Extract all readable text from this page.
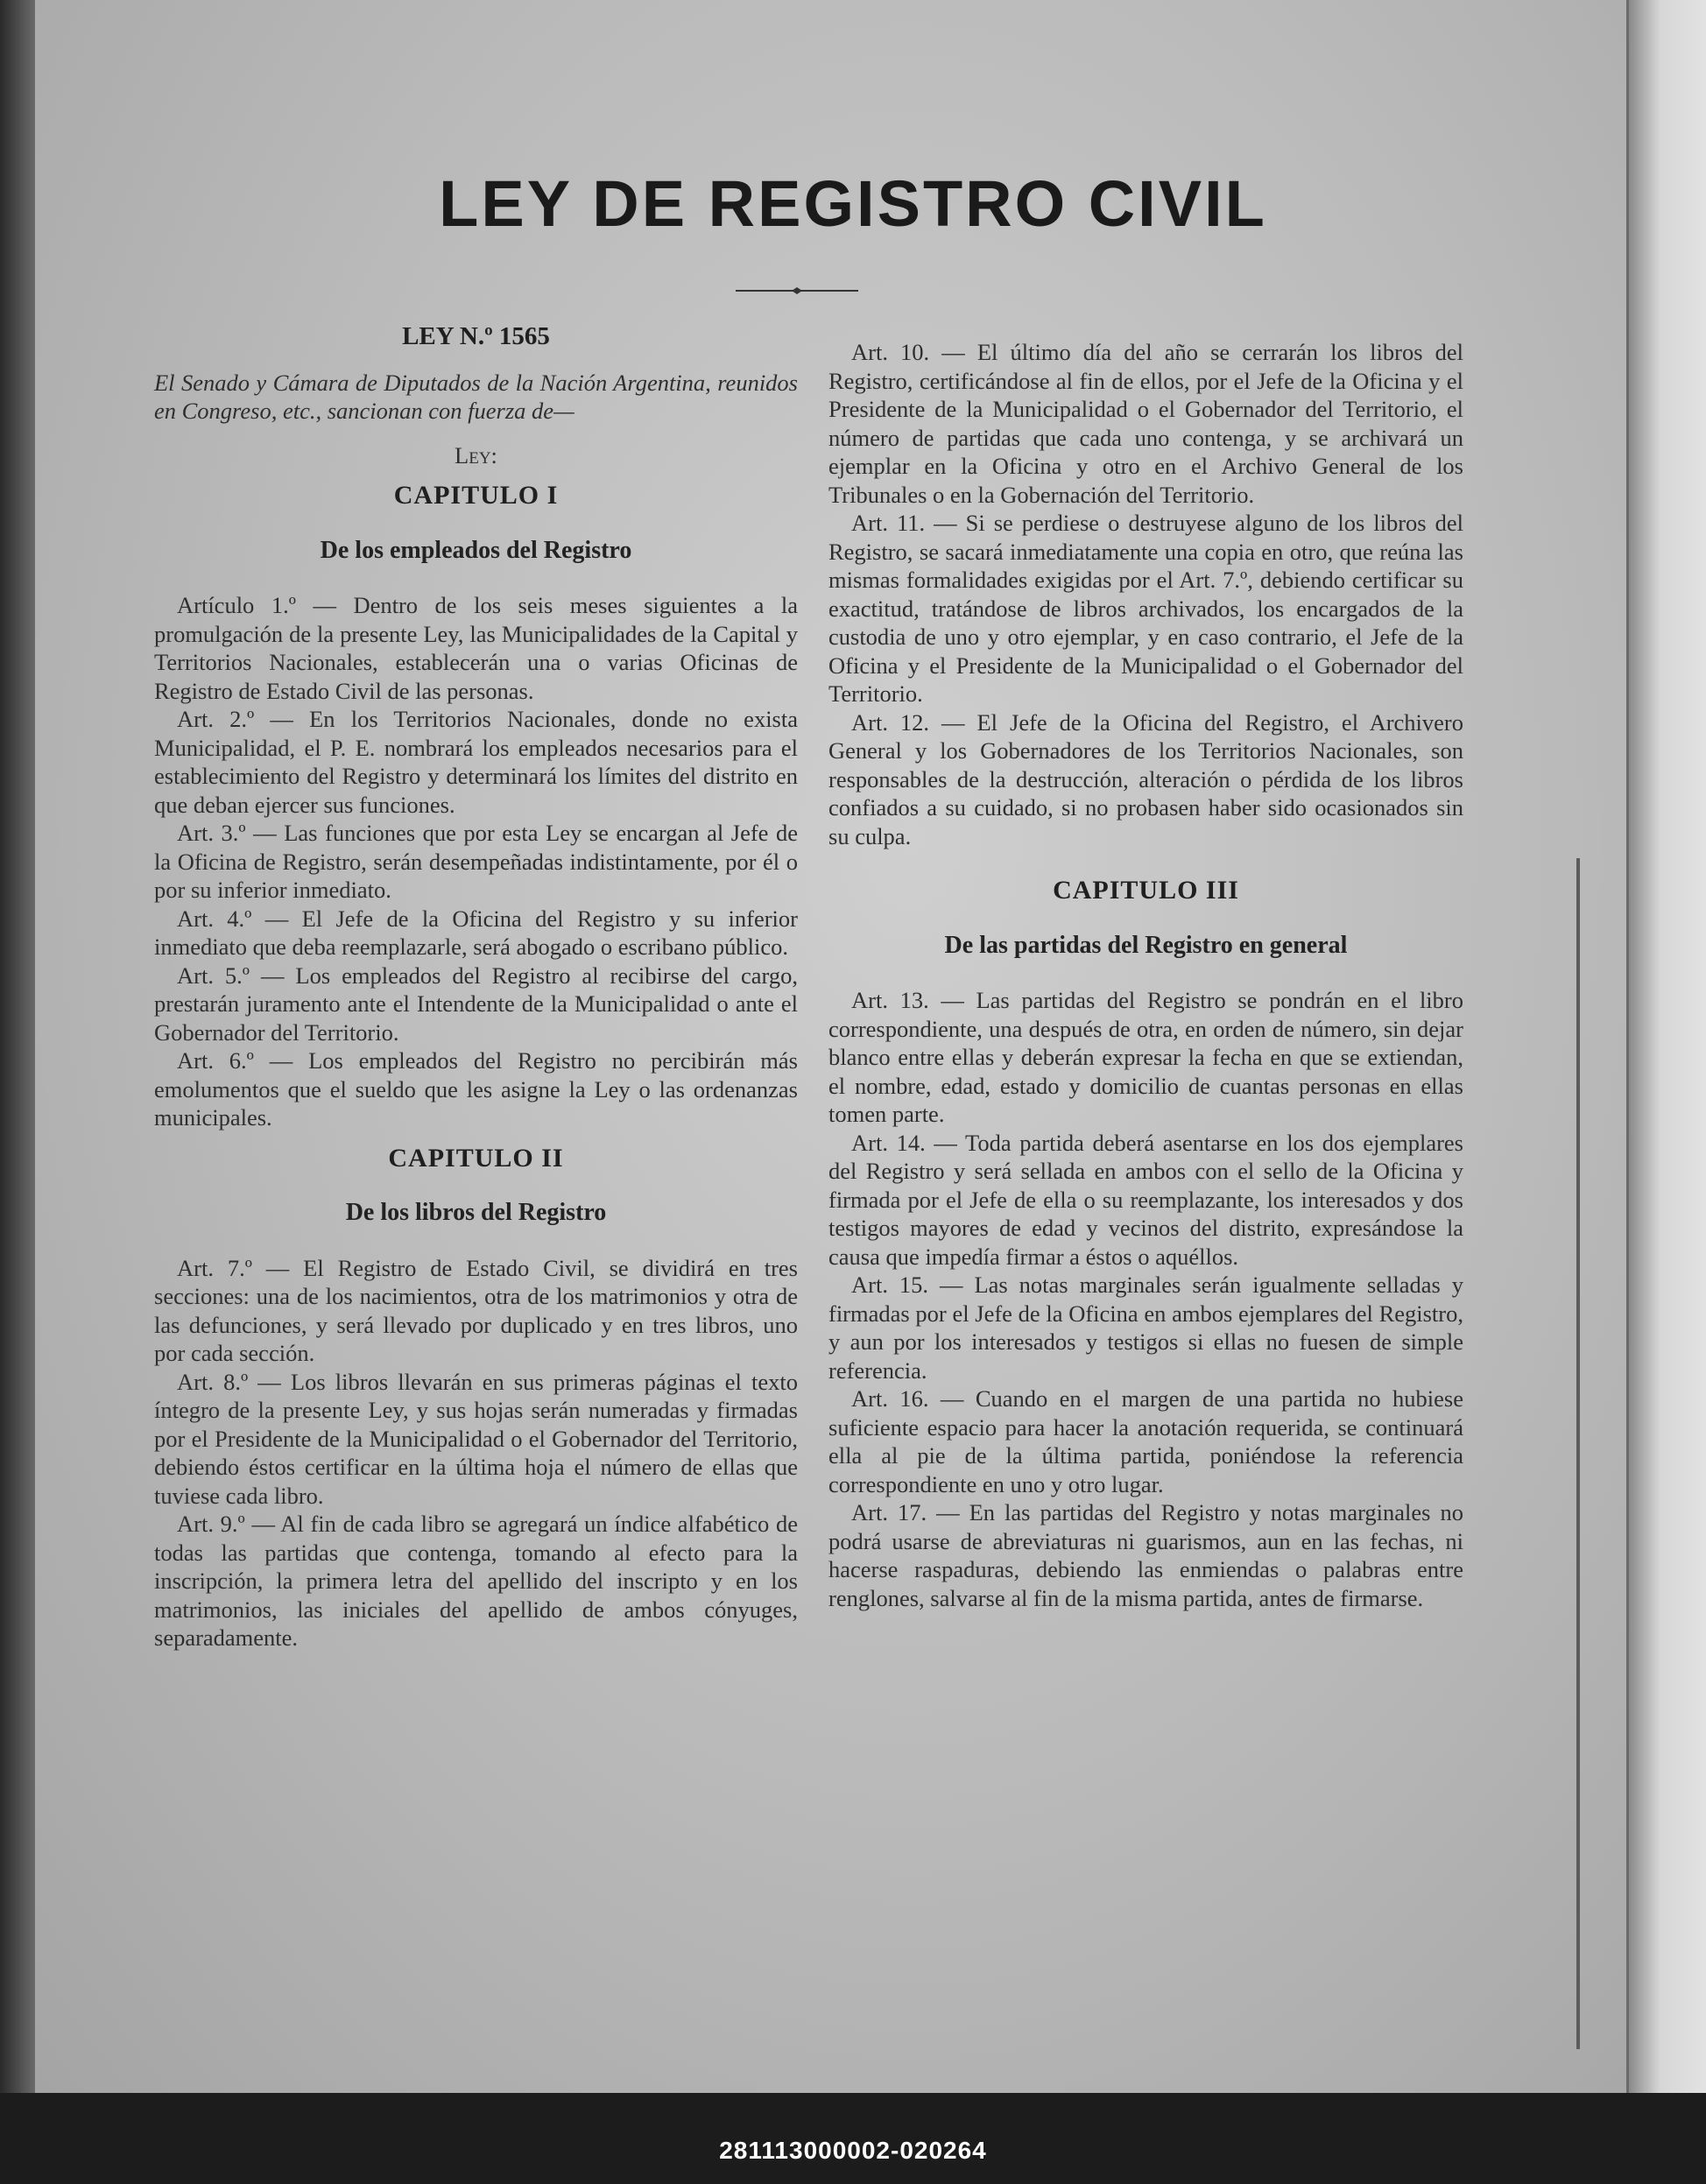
LEY DE REGISTRO CIVIL

LEY N.º 1565

El Senado y Cámara de Diputados de la Nación Argentina, reunidos en Congreso, etc., sancionan con fuerza de—

Ley:

CAPITULO I

De los empleados del Registro

Artículo 1.º — Dentro de los seis meses siguientes a la promulgación de la presente Ley, las Municipalidades de la Capital y Territorios Nacionales, establecerán una o varias Oficinas de Registro de Estado Civil de las personas.

Art. 2.º — En los Territorios Nacionales, donde no exista Municipalidad, el P. E. nombrará los empleados necesarios para el establecimiento del Registro y determinará los límites del distrito en que deban ejercer sus funciones.

Art. 3.º — Las funciones que por esta Ley se encargan al Jefe de la Oficina de Registro, serán desempeñadas indistintamente, por él o por su inferior inmediato.

Art. 4.º — El Jefe de la Oficina del Registro y su inferior inmediato que deba reemplazarle, será abogado o escribano público.

Art. 5.º — Los empleados del Registro al recibirse del cargo, prestarán juramento ante el Intendente de la Municipalidad o ante el Gobernador del Territorio.

Art. 6.º — Los empleados del Registro no percibirán más emolumentos que el sueldo que les asigne la Ley o las ordenanzas municipales.

CAPITULO II

De los libros del Registro

Art. 7.º — El Registro de Estado Civil, se dividirá en tres secciones: una de los nacimientos, otra de los matrimonios y otra de las defunciones, y será llevado por duplicado y en tres libros, uno por cada sección.

Art. 8.º — Los libros llevarán en sus primeras páginas el texto íntegro de la presente Ley, y sus hojas serán numeradas y firmadas por el Presidente de la Municipalidad o el Gobernador del Territorio, debiendo éstos certificar en la última hoja el número de ellas que tuviese cada libro.

Art. 9.º — Al fin de cada libro se agregará un índice alfabético de todas las partidas que contenga, tomando al efecto para la inscripción, la primera letra del apellido del inscripto y en los matrimonios, las iniciales del apellido de ambos cónyuges, separadamente.

Art. 10. — El último día del año se cerrarán los libros del Registro, certificándose al fin de ellos, por el Jefe de la Oficina y el Presidente de la Municipalidad o el Gobernador del Territorio, el número de partidas que cada uno contenga, y se archivará un ejemplar en la Oficina y otro en el Archivo General de los Tribunales o en la Gobernación del Territorio.

Art. 11. — Si se perdiese o destruyese alguno de los libros del Registro, se sacará inmediatamente una copia en otro, que reúna las mismas formalidades exigidas por el Art. 7.º, debiendo certificar su exactitud, tratándose de libros archivados, los encargados de la custodia de uno y otro ejemplar, y en caso contrario, el Jefe de la Oficina y el Presidente de la Municipalidad o el Gobernador del Territorio.

Art. 12. — El Jefe de la Oficina del Registro, el Archivero General y los Gobernadores de los Territorios Nacionales, son responsables de la destrucción, alteración o pérdida de los libros confiados a su cuidado, si no probasen haber sido ocasionados sin su culpa.

CAPITULO III

De las partidas del Registro en general

Art. 13. — Las partidas del Registro se pondrán en el libro correspondiente, una después de otra, en orden de número, sin dejar blanco entre ellas y deberán expresar la fecha en que se extiendan, el nombre, edad, estado y domicilio de cuantas personas en ellas tomen parte.

Art. 14. — Toda partida deberá asentarse en los dos ejemplares del Registro y será sellada en ambos con el sello de la Oficina y firmada por el Jefe de ella o su reemplazante, los interesados y dos testigos mayores de edad y vecinos del distrito, expresándose la causa que impedía firmar a éstos o aquéllos.

Art. 15. — Las notas marginales serán igualmente selladas y firmadas por el Jefe de la Oficina en ambos ejemplares del Registro, y aun por los interesados y testigos si ellas no fuesen de simple referencia.

Art. 16. — Cuando en el margen de una partida no hubiese suficiente espacio para hacer la anotación requerida, se continuará ella al pie de la última partida, poniéndose la referencia correspondiente en uno y otro lugar.

Art. 17. — En las partidas del Registro y notas marginales no podrá usarse de abreviaturas ni guarismos, aun en las fechas, ni hacerse raspaduras, debiendo las enmiendas o palabras entre renglones, salvarse al fin de la misma partida, antes de firmarse.

281113000002-020264
